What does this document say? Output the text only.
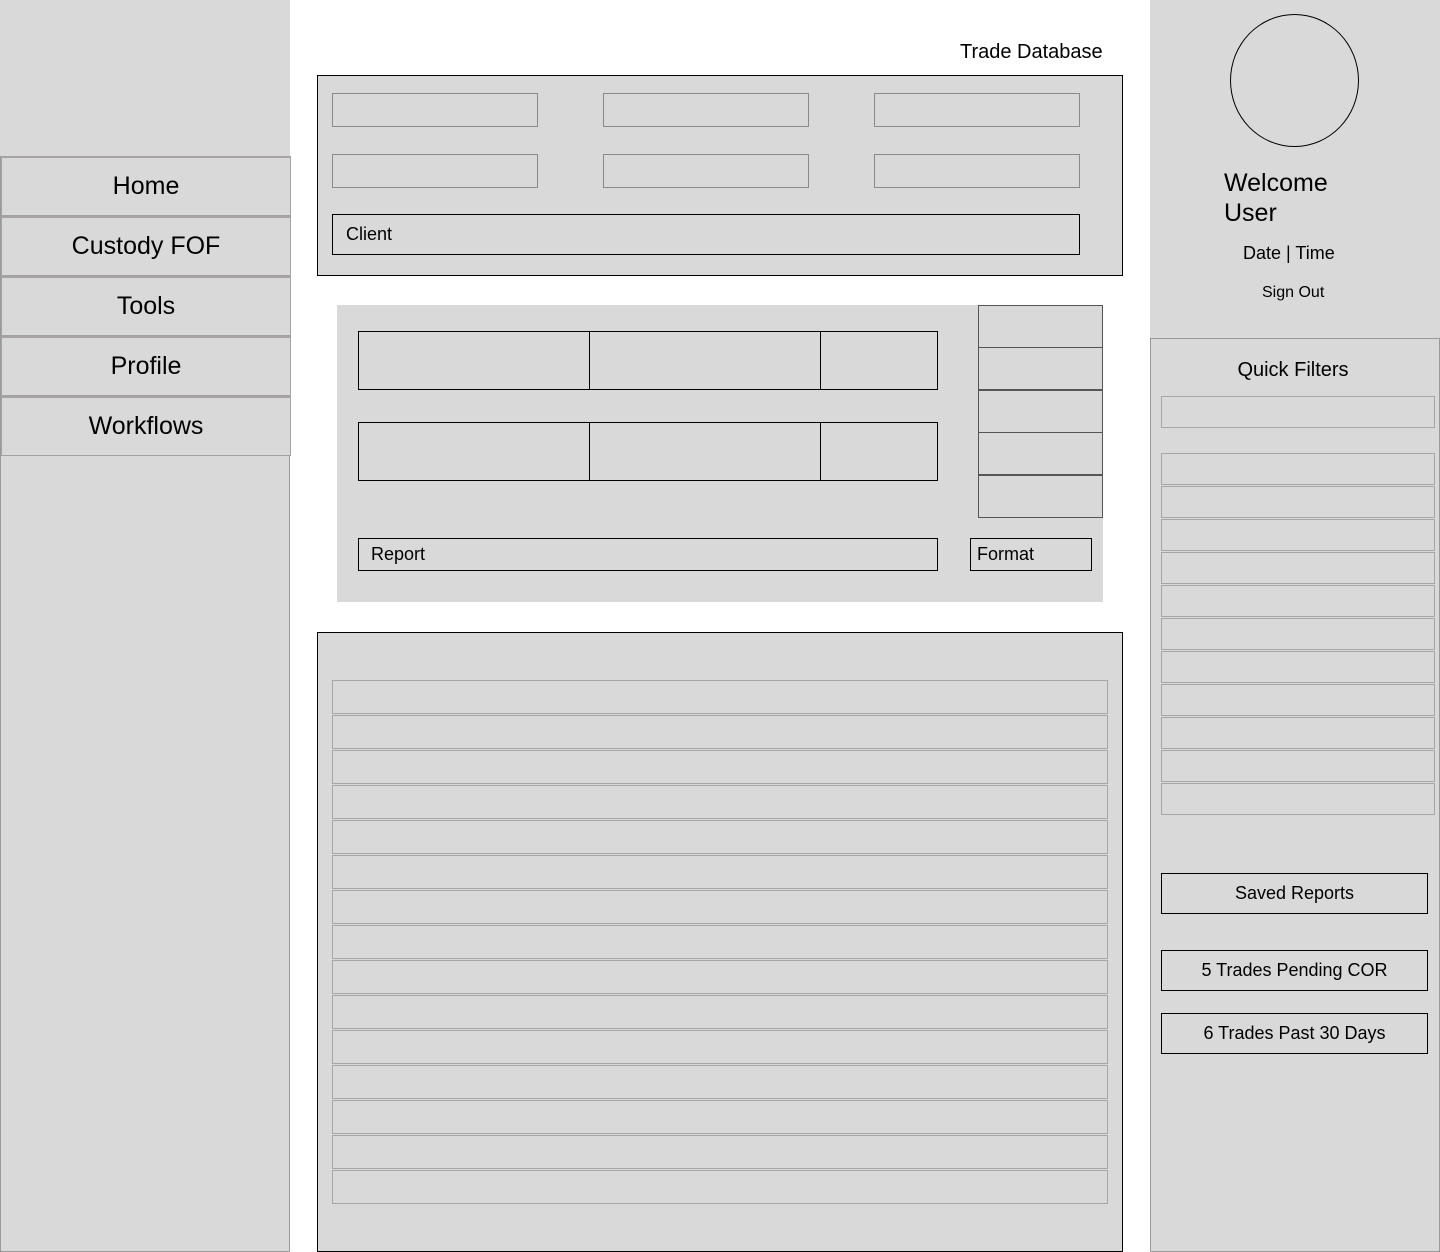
Home
Custody FOF
Tools
Profile
Workflows
Trade Database
Client
Report	Format
Welcome
User
Date | Time
Sign Out
Quick Filters
Saved Reports
5 Trades Pending COR
6 Trades Past 30 Days
